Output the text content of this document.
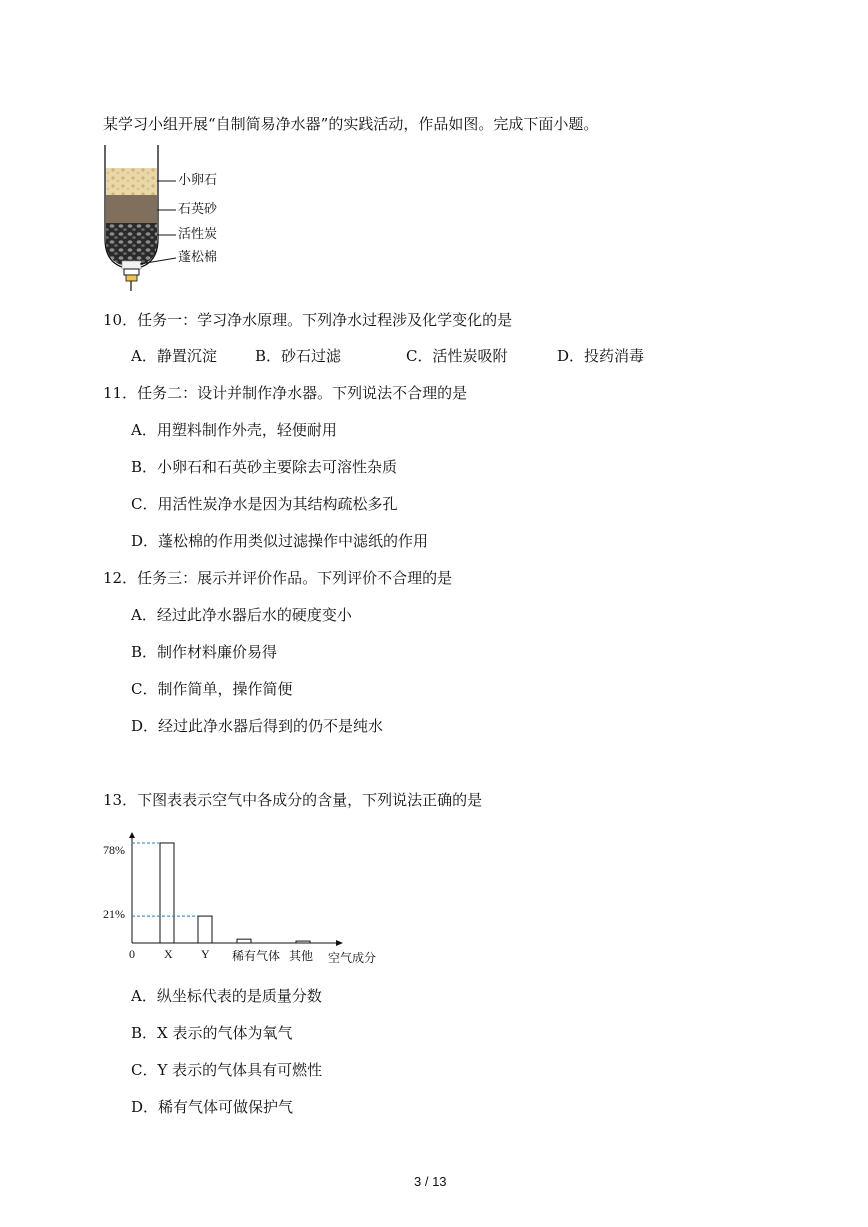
某学习小组开展“自制简易净水器”的实践活动，作品如图。完成下面小题。
小卵石
石英砂
活性炭
蓬松棉
10．任务一：学习净水原理。下列净水过程涉及化学变化的是
A．静置沉淀	B．砂石过滤	C．活性炭吸附	D．投药消毒
11．任务二：设计并制作净水器。下列说法不合理的是
A．用塑料制作外壳，轻便耐用
B．小卵石和石英砂主要除去可溶性杂质
C．用活性炭净水是因为其结构疏松多孔
D．蓬松棉的作用类似过滤操作中滤纸的作用
12．任务三：展示并评价作品。下列评价不合理的是
A．经过此净水器后水的硬度变小
B．制作材料廉价易得
C．制作简单，操作简便
D．经过此净水器后得到的仍不是纯水
13．下图表表示空气中各成分的含量，下列说法正确的是
78%
21%
0 X Y 稀有气体 其他 空气成分
A．纵坐标代表的是质量分数
B．X 表示的气体为氧气
C．Y 表示的气体具有可燃性
D．稀有气体可做保护气
3 / 13
